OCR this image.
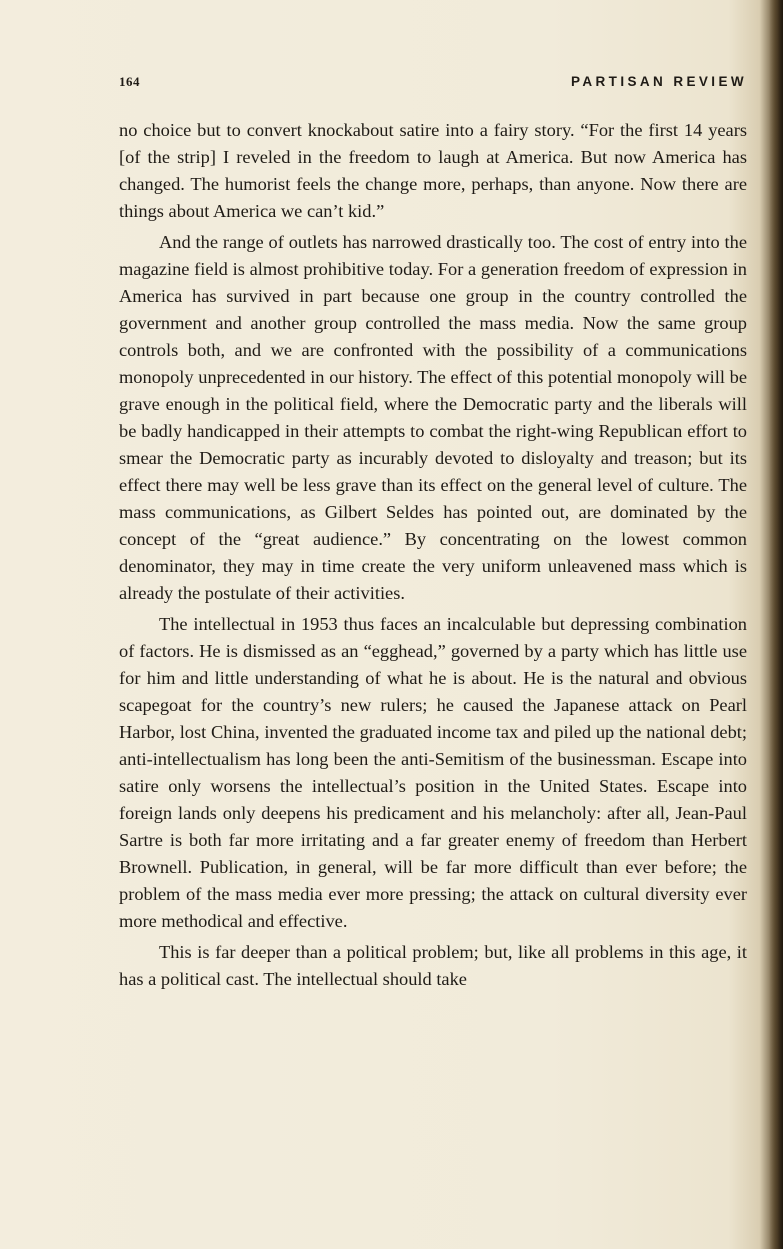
164	PARTISAN REVIEW

no choice but to convert knockabout satire into a fairy story. “For the first 14 years [of the strip] I reveled in the freedom to laugh at America. But now America has changed. The humorist feels the change more, perhaps, than anyone. Now there are things about America we can’t kid.”

And the range of outlets has narrowed drastically too. The cost of entry into the magazine field is almost prohibitive today. For a generation freedom of expression in America has survived in part because one group in the country controlled the government and another group controlled the mass media. Now the same group controls both, and we are confronted with the possibility of a communications monopoly unprecedented in our history. The effect of this potential monopoly will be grave enough in the political field, where the Democratic party and the liberals will be badly handicapped in their attempts to combat the right-wing Republican effort to smear the Democratic party as incurably devoted to disloyalty and treason; but its effect there may well be less grave than its effect on the general level of culture. The mass communications, as Gilbert Seldes has pointed out, are dominated by the concept of the “great audience.” By concentrating on the lowest common denominator, they may in time create the very uniform unleavened mass which is already the postulate of their activities.

The intellectual in 1953 thus faces an incalculable but depressing combination of factors. He is dismissed as an “egghead,” governed by a party which has little use for him and little understanding of what he is about. He is the natural and obvious scapegoat for the country’s new rulers; he caused the Japanese attack on Pearl Harbor, lost China, invented the graduated income tax and piled up the national debt; anti-intellectualism has long been the anti-Semitism of the businessman. Escape into satire only worsens the intellectual’s position in the United States. Escape into foreign lands only deepens his predicament and his melancholy: after all, Jean-Paul Sartre is both far more irritating and a far greater enemy of freedom than Herbert Brownell. Publication, in general, will be far more difficult than ever before; the problem of the mass media ever more pressing; the attack on cultural diversity ever more methodical and effective.

This is far deeper than a political problem; but, like all problems in this age, it has a political cast. The intellectual should take
